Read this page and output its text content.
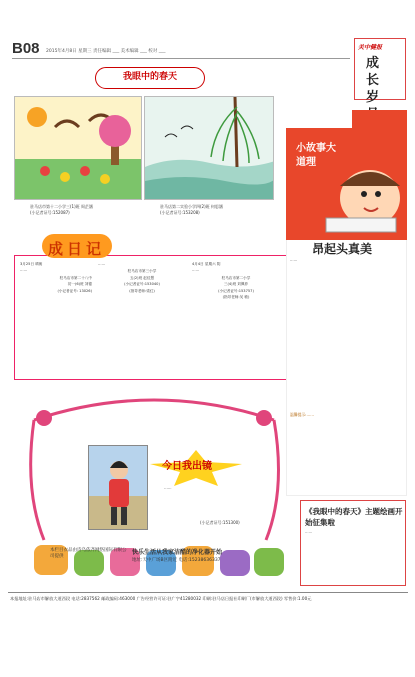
B08 2015年4月8日 星期三 责任编辑 ___ 美术编辑 ___ 校对 ___
关中健报
成长岁
我眼中的春天
驻马店市第十二小学三(1)班 周芷涵
(小记者证号:152087)
驻马店第二实验小学四(2)班 何思涵
(小记者证号:153208)
成日记

3月25日 晴朗

……

驻马店市第二十八中

初一(6)班 刘德

(小记者证号: 13026)

……

驻马店市第三小学

五(2)班 赵佳慧

(小记者证号:153040)

(指导老师:梁红)

4月4日 星期六 阴

……

驻马店市第二小学

三(4)班 刘佩菲

(小记者证号:153757)

(指导老师:吴 敏)

小故事大道理
昂起头真美

……

温馨提示:……
《我眼中的春天》主题绘画开始征集啦

……

今日我出镜

……

(小记者证号:151300)
本栏目衣品由诗乌依齐网络国际有限公司提供
快乐生活从我家洁酷的净化器开始
地址:天中广场B区附近 电话:15238636337
本报地址:驻马店市解放大道西段 电话:2837562 邮政编码:463000 广告经营许可证:驻广字41280032 印刷:驻马店日报社印刷厂(市解放大道西段) 零售价:1.00元
